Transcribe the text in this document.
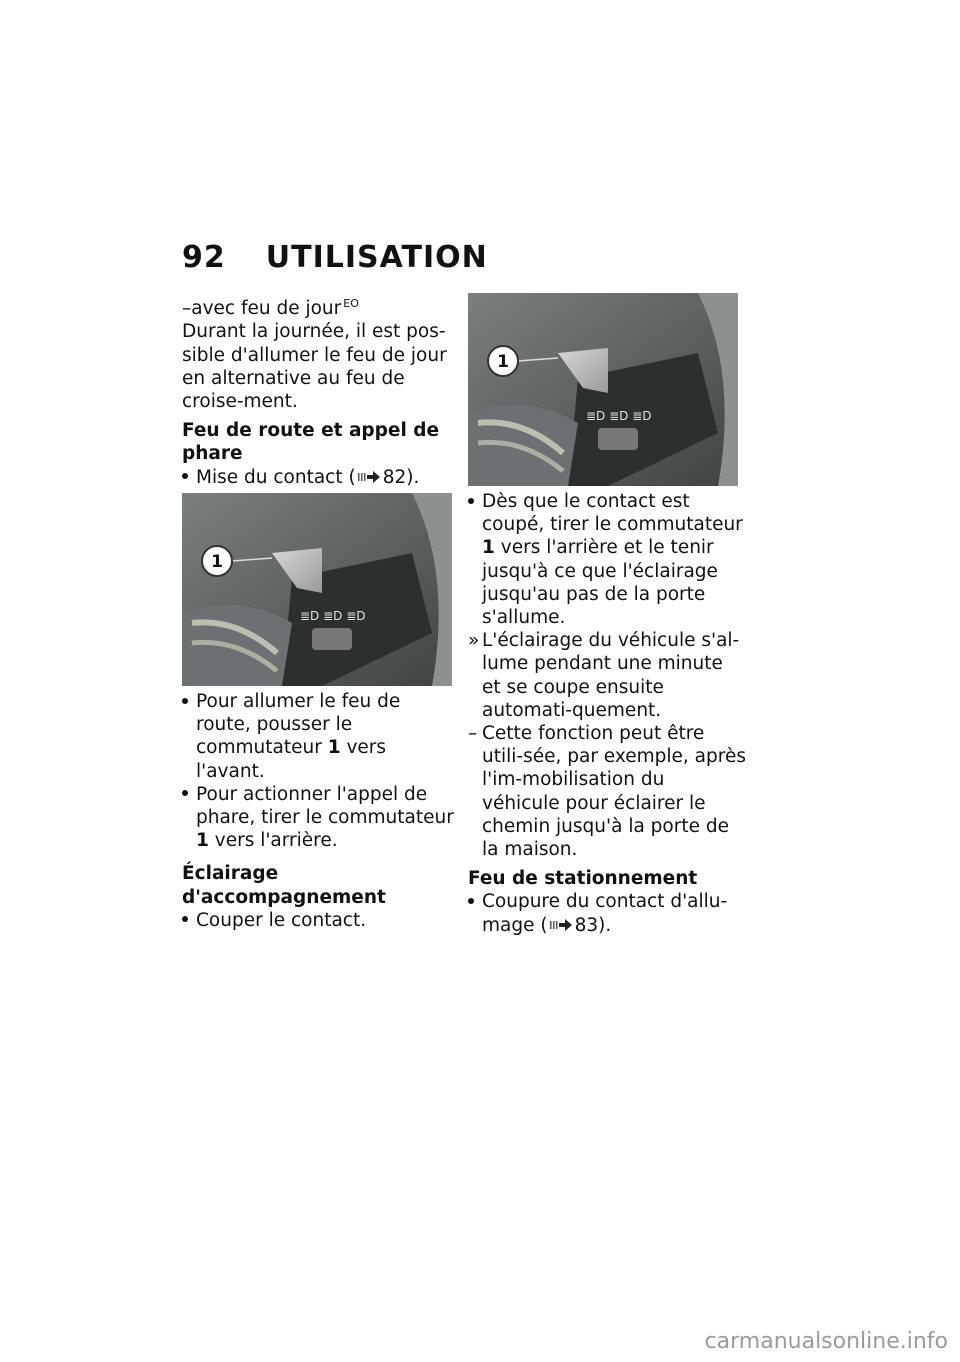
92 UTILISATION

–avec feu de jour $^{EO}$

Durant la journée, il est pos-sible d'allumer le feu de jour en alternative au feu de croise-ment.

Feu de route et appel de phare

Mise du contact ( 82).

≣D ≣D ≣D
1

Pour allumer le feu de route, pousser le commutateur 1 vers l'avant.

Pour actionner l'appel de phare, tirer le commutateur 1 vers l'arrière.

Éclairage d'accompagnement

Couper le contact.

≣D ≣D ≣D
1

Dès que le contact est coupé, tirer le commutateur 1 vers l'arrière et le tenir jusqu'à ce que l'éclairage jusqu'au pas de la porte s'allume.

» L'éclairage du véhicule s'al-lume pendant une minute et se coupe ensuite automati-quement.

– Cette fonction peut être utili-sée, par exemple, après l'im-mobilisation du véhicule pour éclairer le chemin jusqu'à la porte de la maison.

Feu de stationnement

Coupure du contact d'allu-mage ( 83).

carmanualsonline.info
